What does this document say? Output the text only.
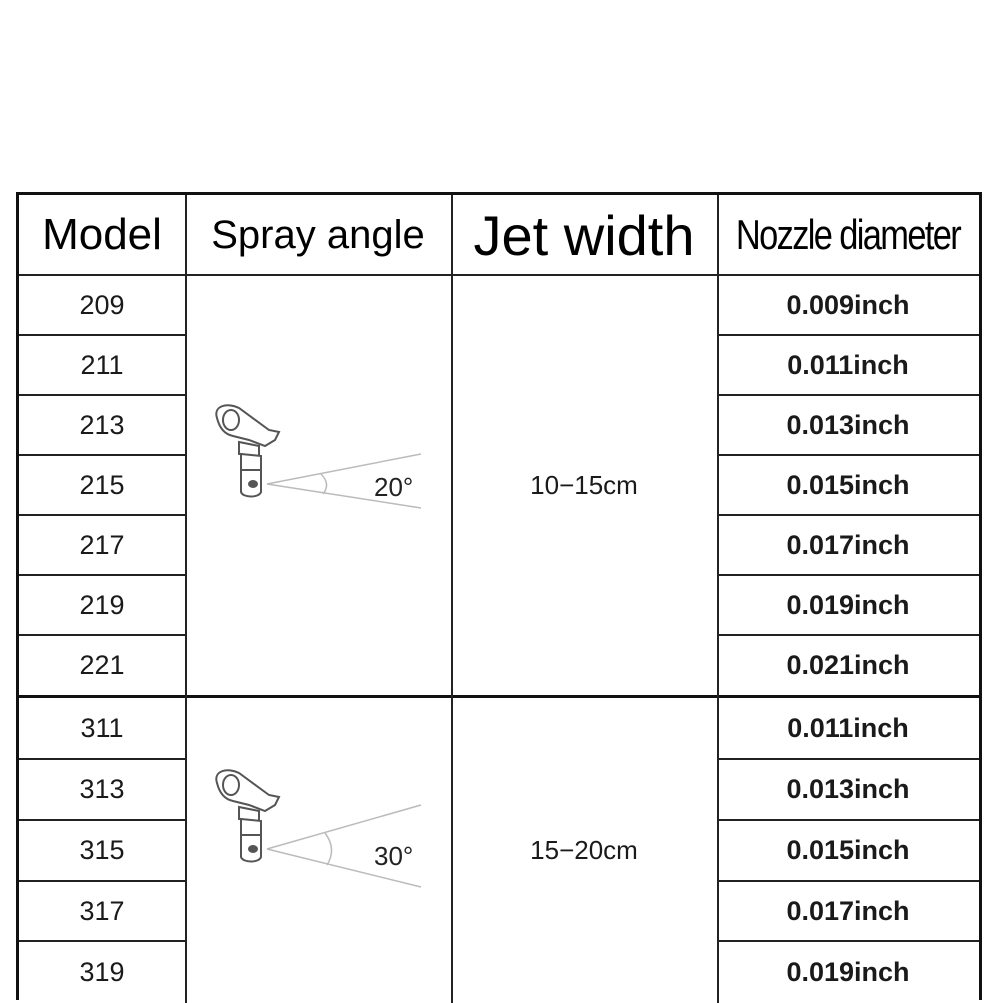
Model	Spray angle Jet width Nozzle diameter
209
211
213
215
217
219
221
0.009inch
0.011inch
0.013inch
0.015inch
0.017inch
0.019inch
0.021inch
10−15cm
20°
311
313
315
317
319
0.011inch
0.013inch
0.015inch
0.017inch
0.019inch
15−20cm
30°
